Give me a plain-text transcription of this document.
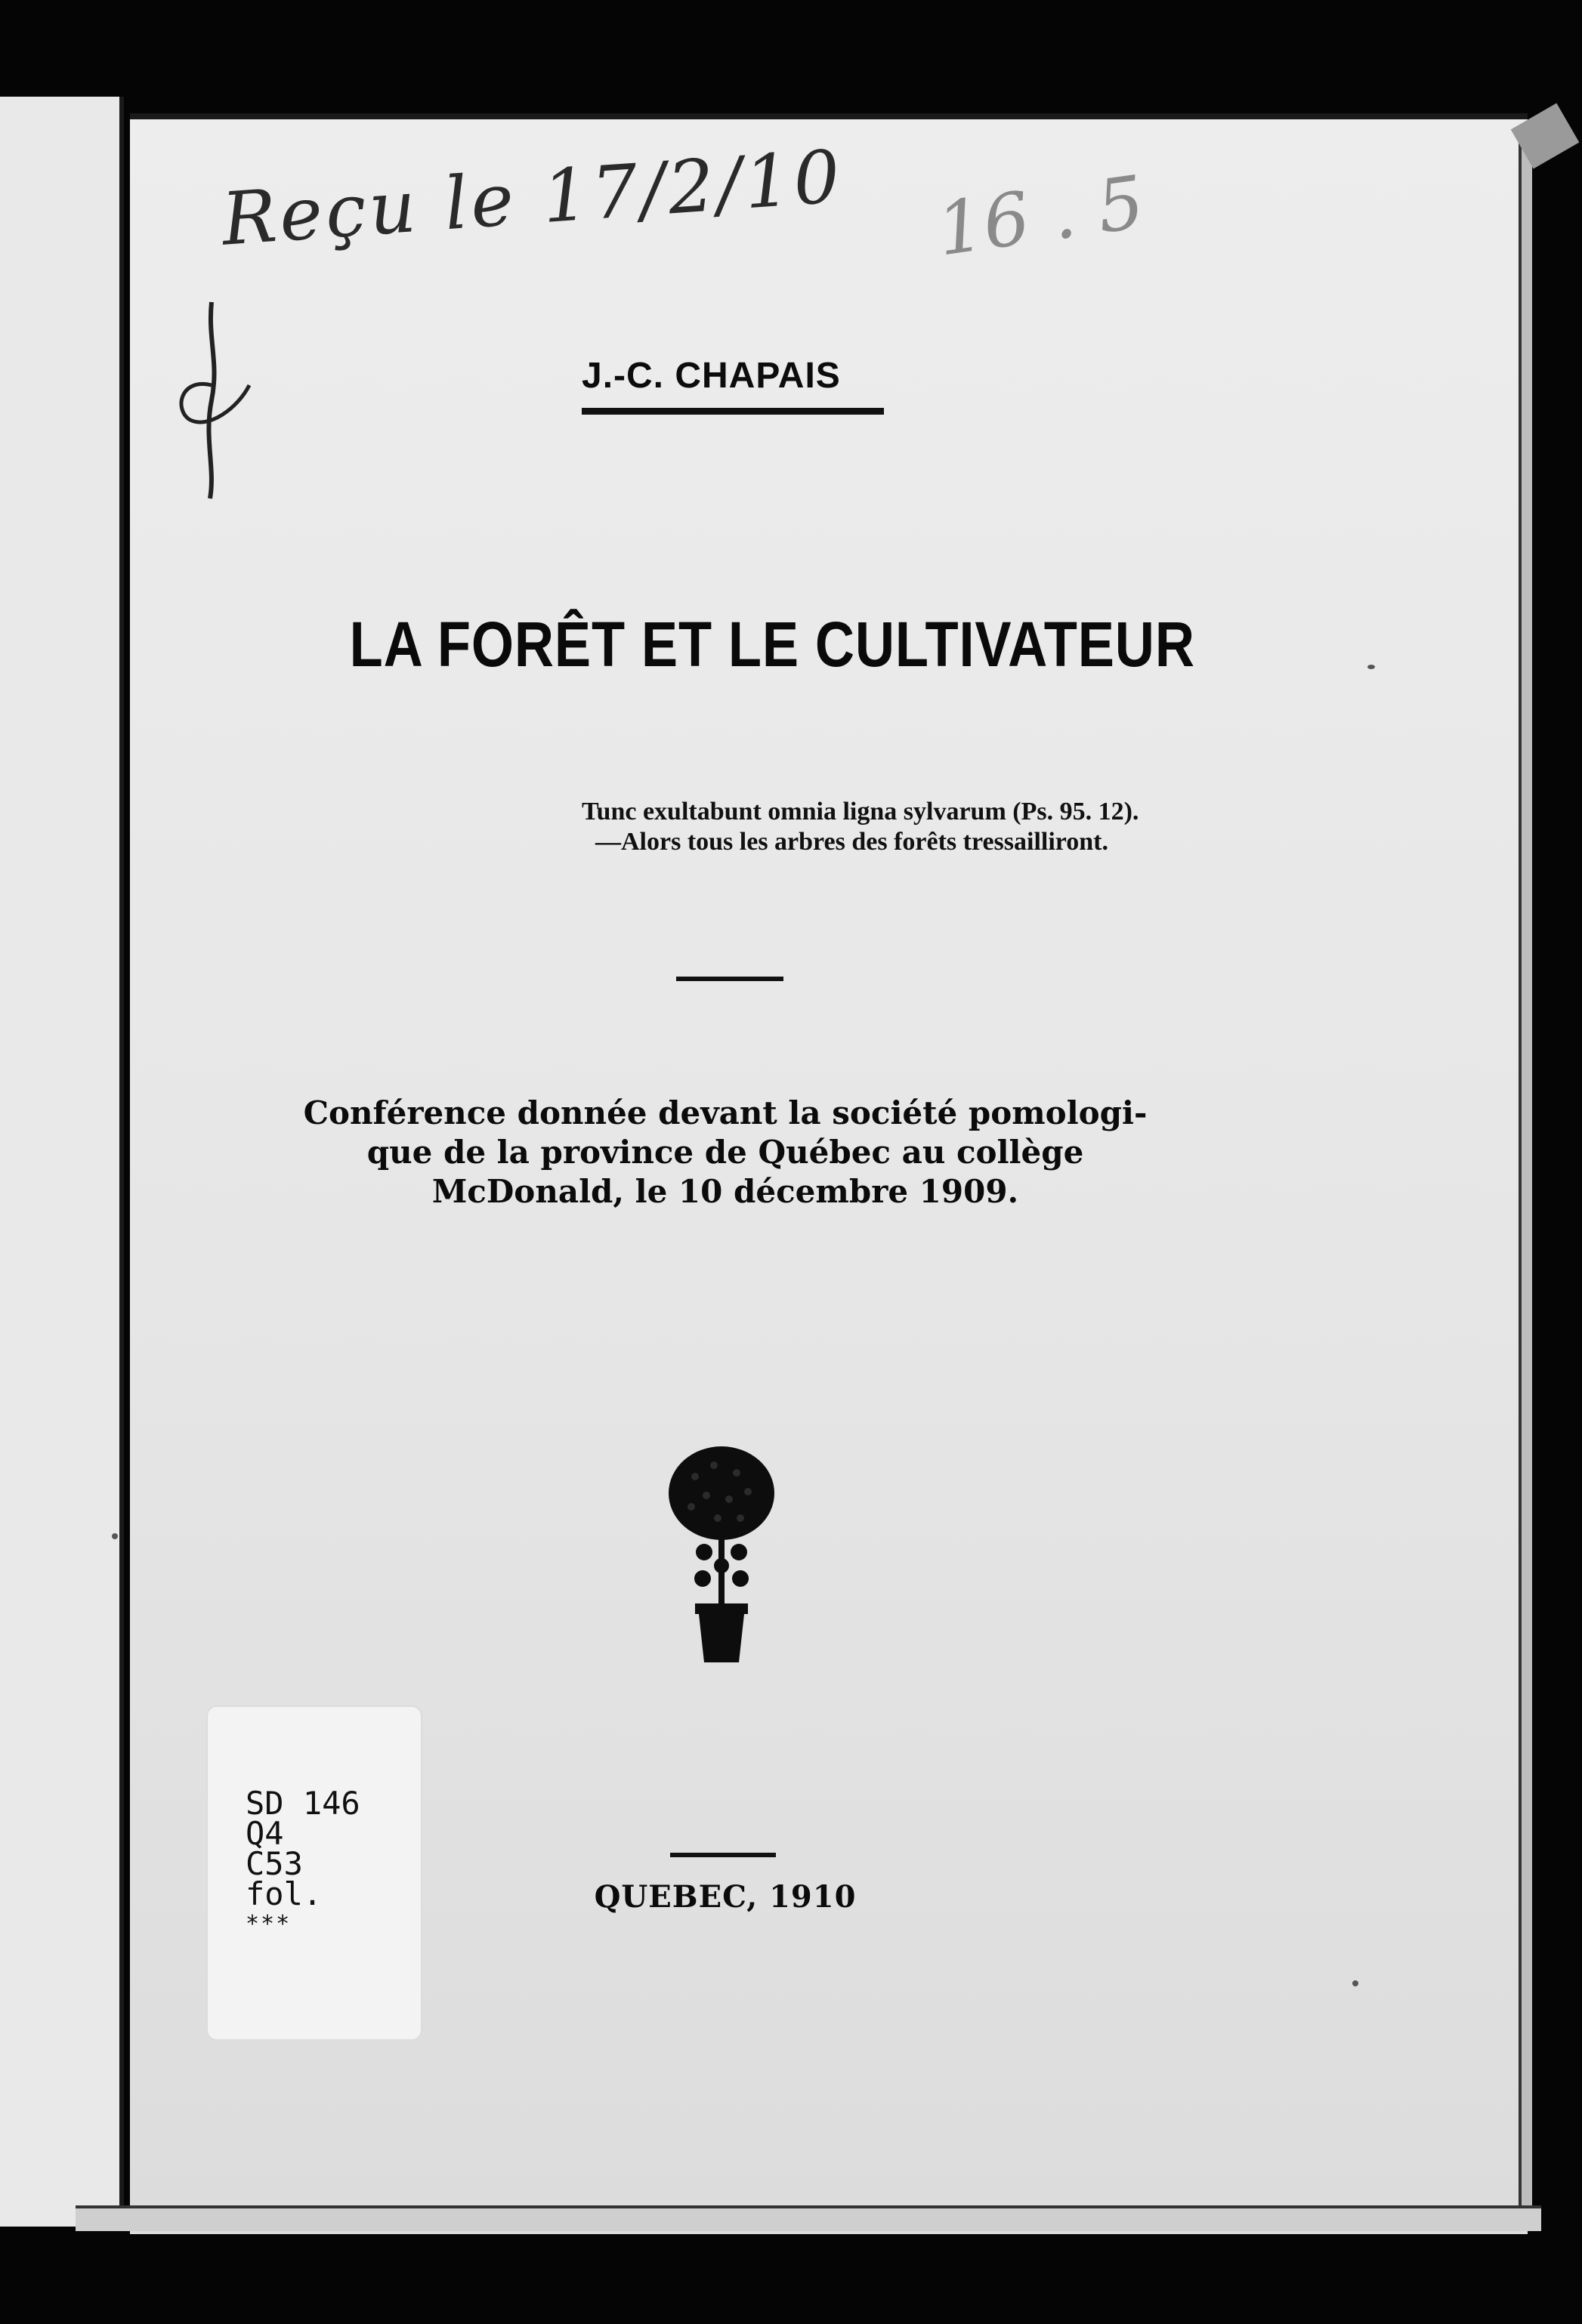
Reçu le 17/2/10 16 . 5
J.-C. CHAPAIS
LA FORÊT ET LE CULTIVATEUR
Tunc exultabunt omnia ligna sylvarum (Ps. 95. 12).
—Alors tous les arbres des forêts tressailliront.
Conférence donnée devant la société pomologi-
que de la province de Québec au collège
McDonald, le 10 décembre 1909.
QUEBEC, 1910
SD 146
Q4
C53
fol.
***
